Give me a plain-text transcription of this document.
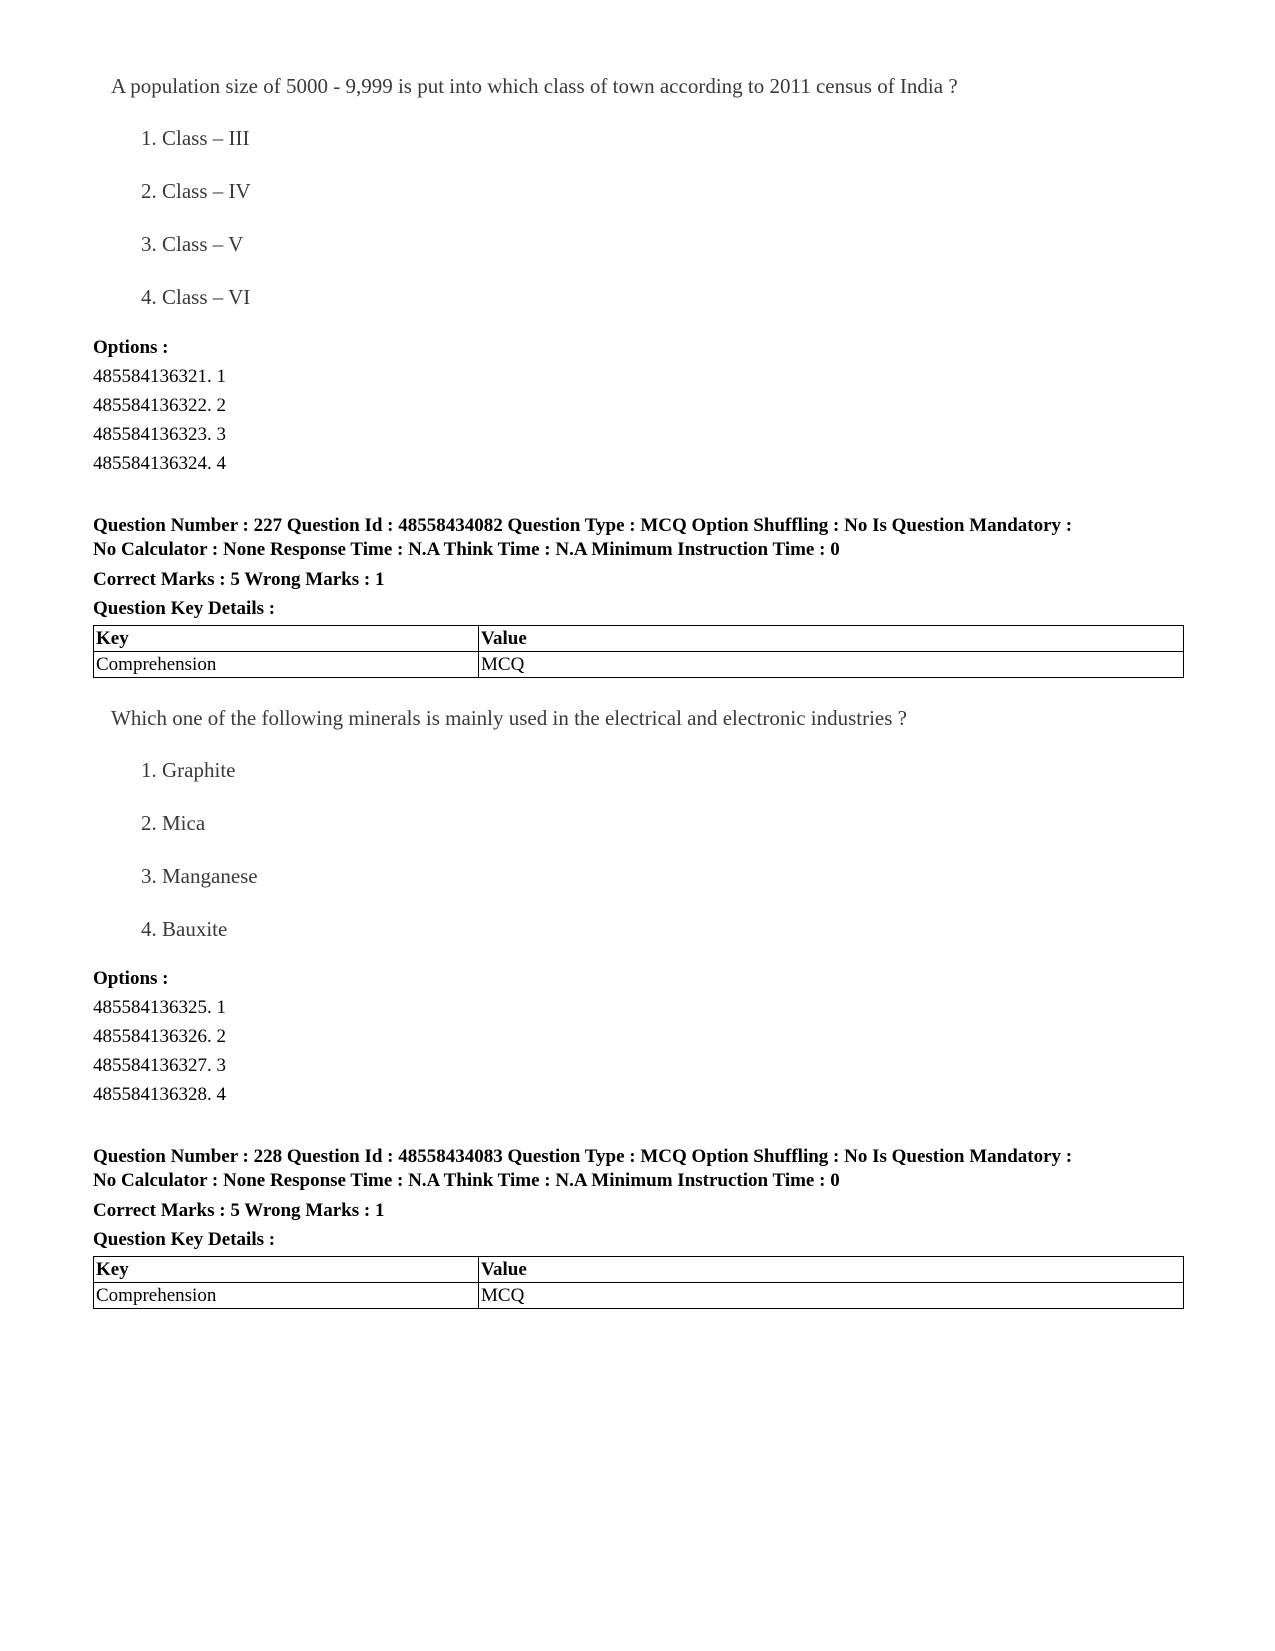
A population size of 5000 - 9,999 is put into which class of town according to 2011 census of India ?
1. Class – III
2. Class – IV
3. Class – V
4. Class – VI
Options :
485584136321. 1
485584136322. 2
485584136323. 3
485584136324. 4
Question Number : 227 Question Id : 48558434082 Question Type : MCQ Option Shuffling : No Is Question Mandatory :
No Calculator : None Response Time : N.A Think Time : N.A Minimum Instruction Time : 0
Correct Marks : 5 Wrong Marks : 1
Question Key Details :
Key	Value
Comprehension	MCQ
Which one of the following minerals is mainly used in the electrical and electronic industries ?
1. Graphite
2. Mica
3. Manganese
4. Bauxite
Options :
485584136325. 1
485584136326. 2
485584136327. 3
485584136328. 4
Question Number : 228 Question Id : 48558434083 Question Type : MCQ Option Shuffling : No Is Question Mandatory :
No Calculator : None Response Time : N.A Think Time : N.A Minimum Instruction Time : 0
Correct Marks : 5 Wrong Marks : 1
Question Key Details :
Key	Value
Comprehension	MCQ
